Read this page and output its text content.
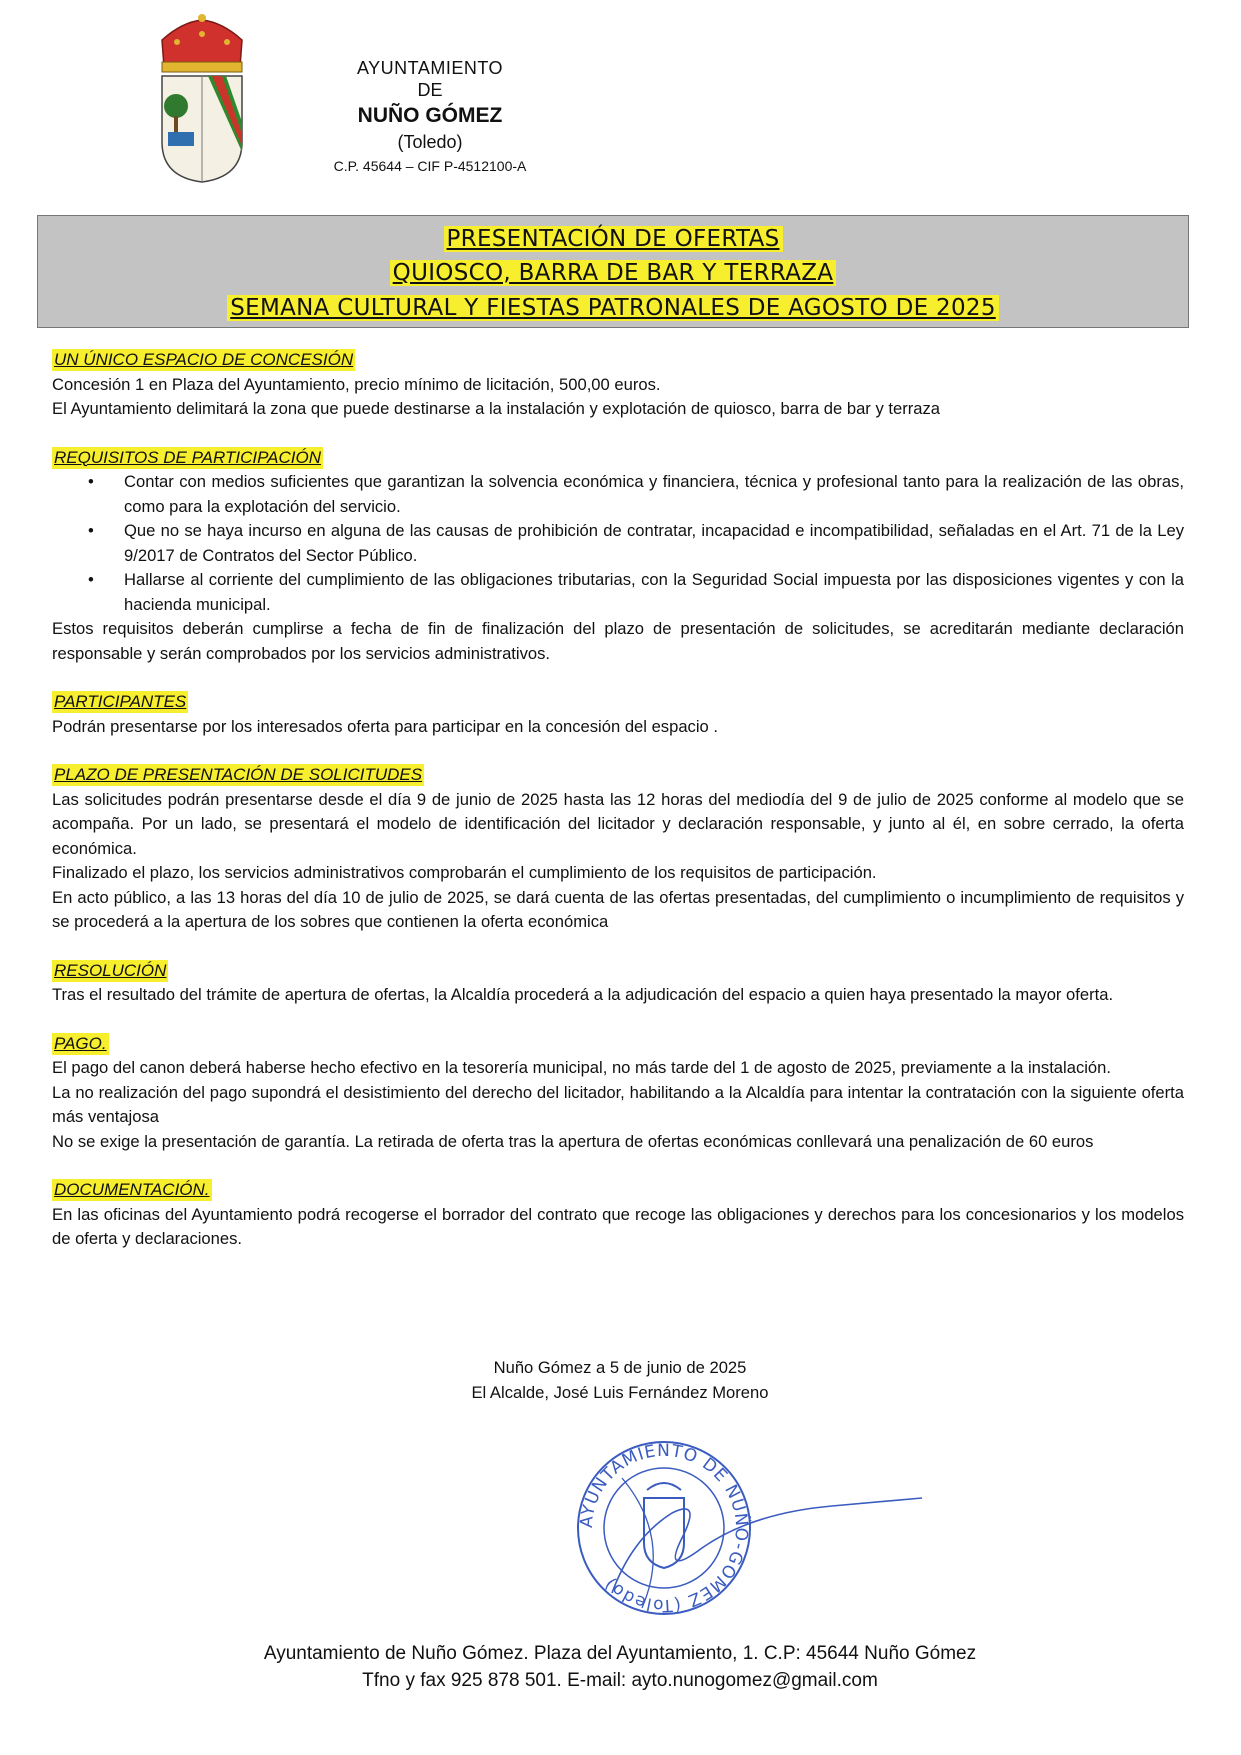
AYUNTAMIENTO
DE
NUÑO GÓMEZ
(Toledo)
C.P. 45644 – CIF P-4512100-A
PRESENTACIÓN DE OFERTAS
QUIOSCO, BARRA DE BAR Y TERRAZA
SEMANA CULTURAL Y FIESTAS PATRONALES DE AGOSTO DE 2025
UN ÚNICO ESPACIO DE CONCESIÓN

Concesión 1 en Plaza del Ayuntamiento, precio mínimo de licitación, 500,00 euros.

El Ayuntamiento delimitará la zona que puede destinarse a la instalación y explotación de quiosco, barra de bar y terraza

REQUISITOS DE PARTICIPACIÓN
• Contar con medios suficientes que garantizan la solvencia económica y financiera, técnica y profesional tanto para la realización de las obras, como para la explotación del servicio.
• Que no se haya incurso en alguna de las causas de prohibición de contratar, incapacidad e incompatibilidad, señaladas en el Art. 71 de la Ley 9/2017 de Contratos del Sector Público.
• Hallarse al corriente del cumplimiento de las obligaciones tributarias, con la Seguridad Social impuesta por las disposiciones vigentes y con la hacienda municipal.

Estos requisitos deberán cumplirse a fecha de fin de finalización del plazo de presentación de solicitudes, se acreditarán mediante declaración responsable y serán comprobados por los servicios administrativos.

PARTICIPANTES

Podrán presentarse por los interesados oferta para participar en la concesión del espacio .

PLAZO DE PRESENTACIÓN DE SOLICITUDES

Las solicitudes podrán presentarse desde el día 9 de junio de 2025 hasta las 12 horas del mediodía del 9 de julio de 2025 conforme al modelo que se acompaña. Por un lado, se presentará el modelo de identificación del licitador y declaración responsable, y junto al él, en sobre cerrado, la oferta económica.

Finalizado el plazo, los servicios administrativos comprobarán el cumplimiento de los requisitos de participación.

En acto público, a las 13 horas del día 10 de julio de 2025, se dará cuenta de las ofertas presentadas, del cumplimiento o incumplimiento de requisitos y se procederá a la apertura de los sobres que contienen la oferta económica

RESOLUCIÓN

Tras el resultado del trámite de apertura de ofertas, la Alcaldía procederá a la adjudicación del espacio a quien haya presentado la mayor oferta.

PAGO.

El pago del canon deberá haberse hecho efectivo en la tesorería municipal, no más tarde del 1 de agosto de 2025, previamente a la instalación.

La no realización del pago supondrá el desistimiento del derecho del licitador, habilitando a la Alcaldía para intentar la contratación con la siguiente oferta más ventajosa

No se exige la presentación de garantía. La retirada de oferta tras la apertura de ofertas económicas conllevará una penalización de 60 euros

DOCUMENTACIÓN.

En las oficinas del Ayuntamiento podrá recogerse el borrador del contrato que recoge las obligaciones y derechos para los concesionarios y los modelos de oferta y declaraciones.

Nuño Gómez a 5 de junio de 2025
El Alcalde, José Luis Fernández Moreno
AYUNTAMIENTO DE NUÑO-GOMEZ (Toledo)
Ayuntamiento de Nuño Gómez. Plaza del Ayuntamiento, 1. C.P: 45644 Nuño Gómez
Tfno y fax 925 878 501. E-mail: ayto.nunogomez@gmail.com
